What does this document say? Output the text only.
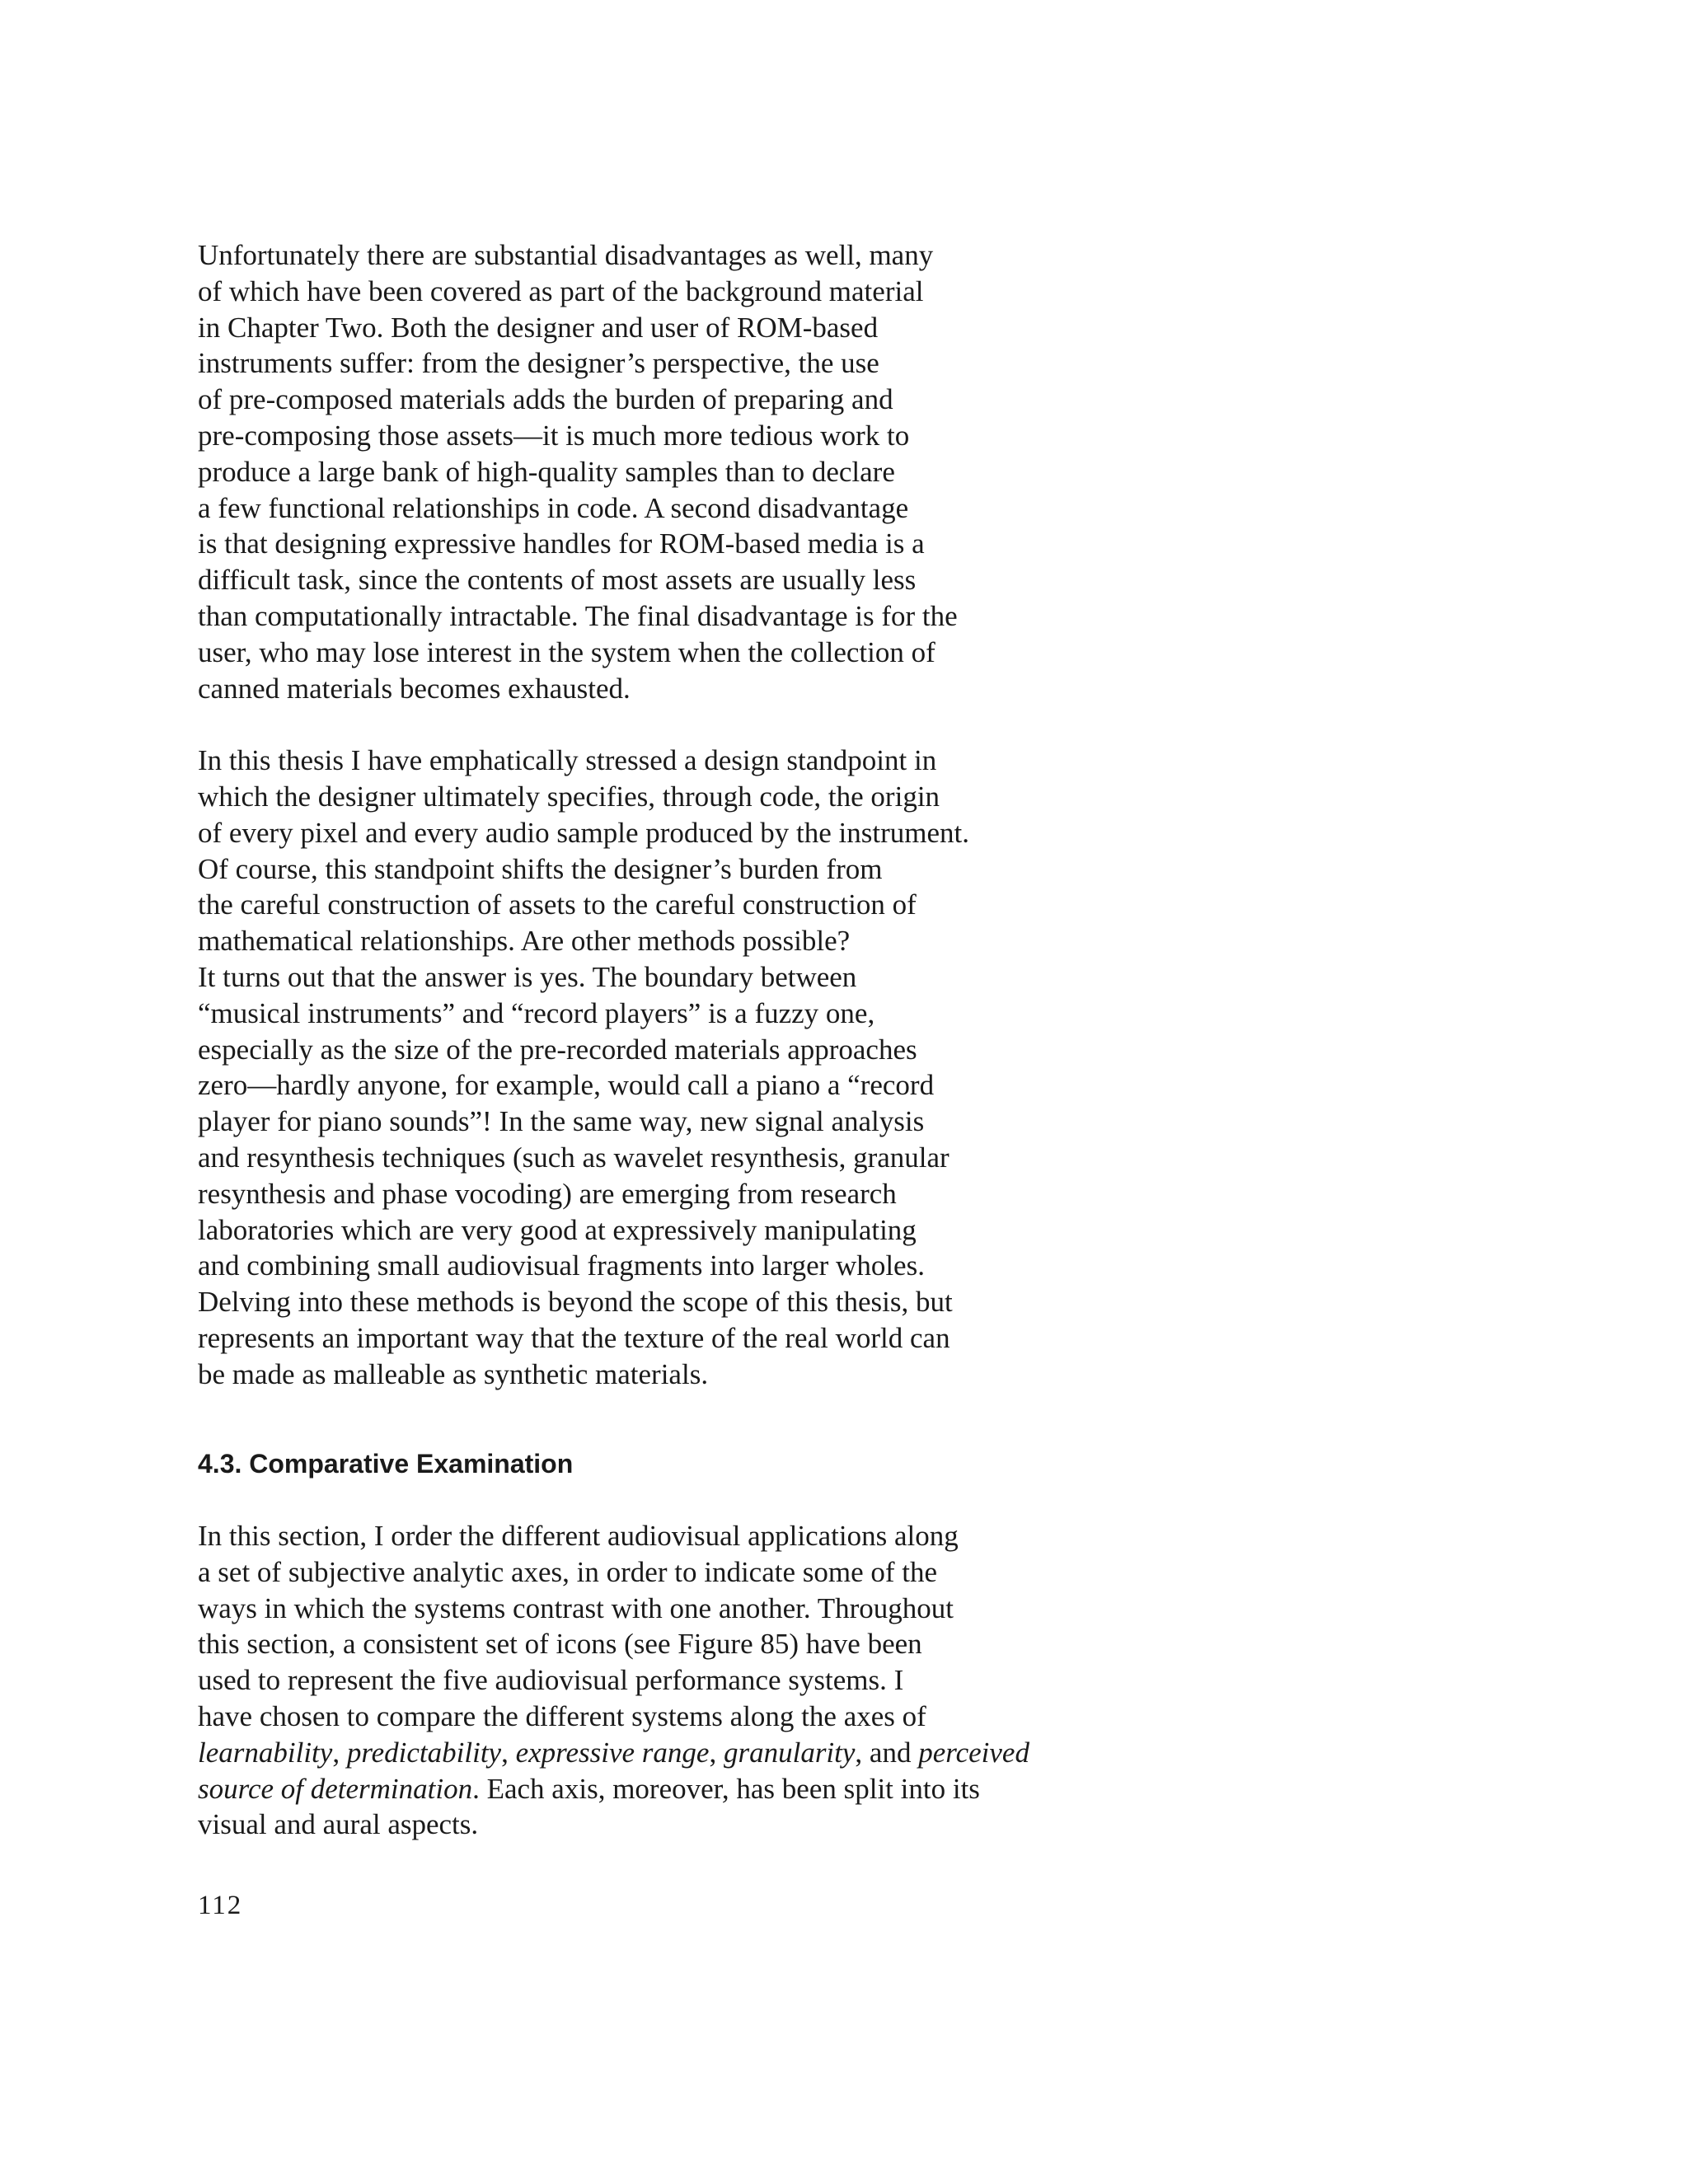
Unfortunately there are substantial disadvantages as well, many
of which have been covered as part of the background material
in Chapter Two. Both the designer and user of ROM-based
instruments suffer: from the designer’s perspective, the use
of pre-composed materials adds the burden of preparing and
pre-composing those assets—it is much more tedious work to
produce a large bank of high-quality samples than to declare
a few functional relationships in code. A second disadvantage
is that designing expressive handles for ROM-based media is a
difficult task, since the contents of most assets are usually less
than computationally intractable. The final disadvantage is for the
user, who may lose interest in the system when the collection of
canned materials becomes exhausted.

In this thesis I have emphatically stressed a design standpoint in
which the designer ultimately specifies, through code, the origin
of every pixel and every audio sample produced by the instrument.
Of course, this standpoint shifts the designer’s burden from
the careful construction of assets to the careful construction of
mathematical relationships. Are other methods possible?
It turns out that the answer is yes. The boundary between
“musical instruments” and “record players” is a fuzzy one,
especially as the size of the pre-recorded materials approaches
zero—hardly anyone, for example, would call a piano a “record
player for piano sounds”! In the same way, new signal analysis
and resynthesis techniques (such as wavelet resynthesis, granular
resynthesis and phase vocoding) are emerging from research
laboratories which are very good at expressively manipulating
and combining small audiovisual fragments into larger wholes.
Delving into these methods is beyond the scope of this thesis, but
represents an important way that the texture of the real world can
be made as malleable as synthetic materials.

4.3. Comparative Examination

In this section, I order the different audiovisual applications along
a set of subjective analytic axes, in order to indicate some of the
ways in which the systems contrast with one another. Throughout
this section, a consistent set of icons (see Figure 85) have been
used to represent the five audiovisual performance systems. I
have chosen to compare the different systems along the axes of
learnability, predictability, expressive range, granularity, and perceived
source of determination. Each axis, moreover, has been split into its
visual and aural aspects.

112
